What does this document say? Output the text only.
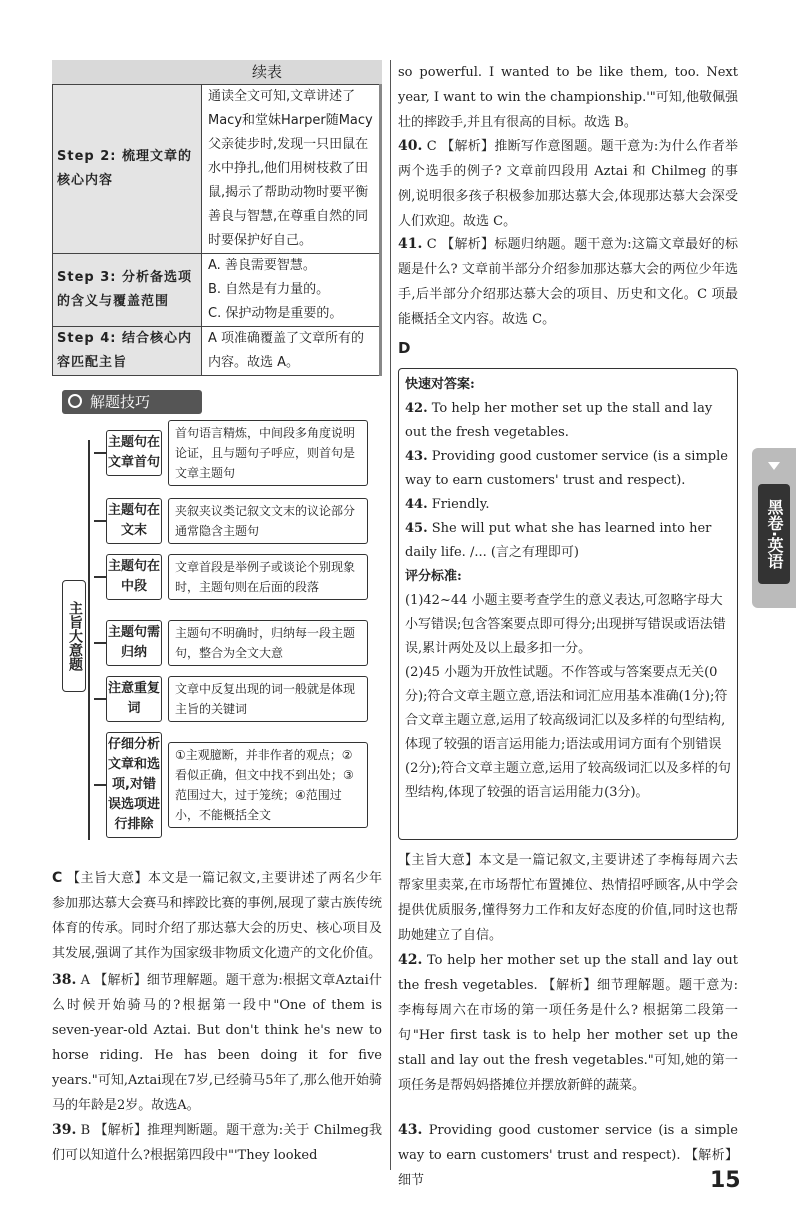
续表
Step 2: 梳理文章的核心内容	通读全文可知,文章讲述了Macy和堂妹Harper随Macy父亲徒步时,发现一只田鼠在水中挣扎,他们用树枝救了田鼠,揭示了帮助动物时要平衡善良与智慧,在尊重自然的同时要保护好自己。
Step 3: 分析备选项的含义与覆盖范围	A. 善良需要智慧。
B. 自然是有力量的。
C. 保护动物是重要的。

Step 4: 结合核心内容匹配主旨	A 项准确覆盖了文章所有的内容。故选 A。
解题技巧
主旨大意题
主题句在文章首句
首句语言精炼，中间段多角度说明论证，且与题句子呼应，则首句是文章主题句
主题句在文末
夹叙夹议类记叙文文末的议论部分通常隐含主题句
主题句在中段
文章首段是举例子或谈论个别现象时，主题句则在后面的段落
主题句需归纳
主题句不明确时，归纳每一段主题句，整合为全文大意
注意重复词
文章中反复出现的词一般就是体现主旨的关键词
仔细分析文章和选项,对错误选项进行排除
①主观臆断，并非作者的观点；②看似正确，但文中找不到出处；③范围过大，过于笼统；④范围过小，不能概括全文
C 【主旨大意】本文是一篇记叙文,主要讲述了两名少年参加那达慕大会赛马和摔跤比赛的事例,展现了蒙古族传统体育的传承。同时介绍了那达慕大会的历史、核心项目及其发展,强调了其作为国家级非物质文化遗产的文化价值。
38. A 【解析】细节理解题。题干意为:根据文章Aztai什么时候开始骑马的?根据第一段中"One of them is seven-year-old Aztai. But don't think he's new to horse riding. He has been doing it for five years."可知,Aztai现在7岁,已经骑马5年了,那么他开始骑马的年龄是2岁。故选A。
39. B 【解析】推理判断题。题干意为:关于 Chilmeg我们可以知道什么?根据第四段中"'They looked
so powerful. I wanted to be like them, too. Next year, I want to win the championship.'"可知,他敬佩强壮的摔跤手,并且有很高的目标。故选 B。
40. C 【解析】推断写作意图题。题干意为:为什么作者举两个选手的例子? 文章前四段用 Aztai 和 Chilmeg 的事例,说明很多孩子积极参加那达慕大会,体现那达慕大会深受人们欢迎。故选 C。
41. C 【解析】标题归纳题。题干意为:这篇文章最好的标题是什么? 文章前半部分介绍参加那达慕大会的两位少年选手,后半部分介绍那达慕大会的项目、历史和文化。C 项最能概括全文内容。故选 C。
D
快速对答案:
42. To help her mother set up the stall and lay out the fresh vegetables.
43. Providing good customer service (is a simple way to earn customers' trust and respect).
44. Friendly.
45. She will put what she has learned into her daily life. /... (言之有理即可)
评分标准:
(1)42~44 小题主要考查学生的意义表达,可忽略字母大小写错误;包含答案要点即可得分;出现拼写错误或语法错误,累计两处及以上最多扣一分。
(2)45 小题为开放性试题。不作答或与答案要点无关(0分);符合文章主题立意,语法和词汇应用基本准确(1分);符合文章主题立意,运用了较高级词汇以及多样的句型结构,体现了较强的语言运用能力;语法或用词方面有个别错误(2分);符合文章主题立意,运用了较高级词汇以及多样的句型结构,体现了较强的语言运用能力(3分)。
【主旨大意】本文是一篇记叙文,主要讲述了李梅每周六去帮家里卖菜,在市场帮忙布置摊位、热情招呼顾客,从中学会提供优质服务,懂得努力工作和友好态度的价值,同时这也帮助她建立了自信。
42. To help her mother set up the stall and lay out the fresh vegetables. 【解析】细节理解题。题干意为:李梅每周六在市场的第一项任务是什么? 根据第二段第一句"Her first task is to help her mother set up the stall and lay out the fresh vegetables."可知,她的第一项任务是帮妈妈搭摊位并摆放新鲜的蔬菜。
43. Providing good customer service (is a simple way to earn customers' trust and respect). 【解析】细节
黑卷·英语
15
